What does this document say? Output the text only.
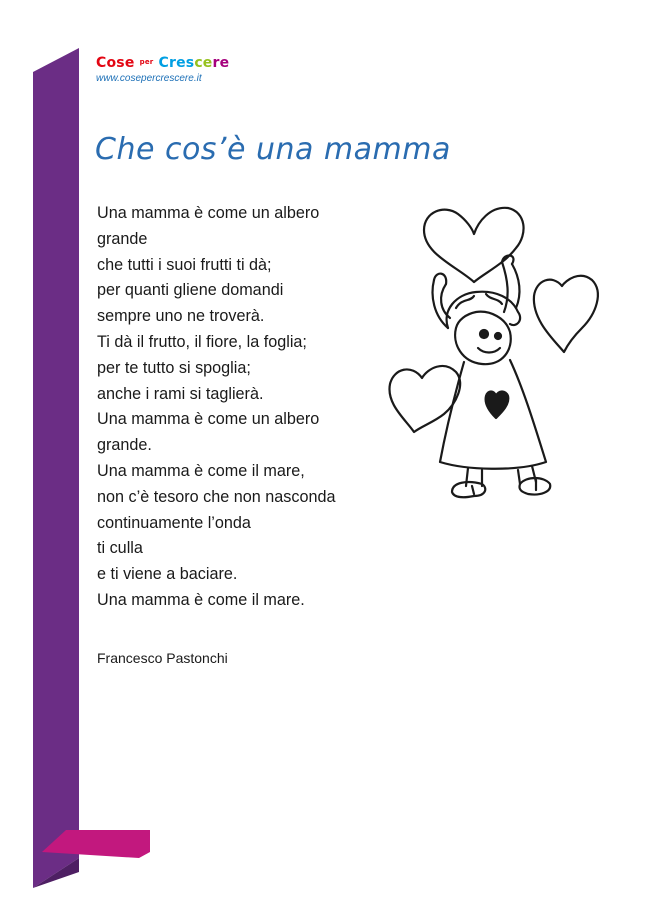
Cose $^{per}$ Crescere
www.cosepercrescere.it
Che cos’è una mamma
Una mamma è come un albero
grande
che tutti i suoi frutti ti dà;
per quanti gliene domandi
sempre uno ne troverà.
Ti dà il frutto, il fiore, la foglia;
per te tutto si spoglia;
anche i rami si taglierà.
Una mamma è come un albero
grande.
Una mamma è come il mare,
non c’è tesoro che non nasconda
continuamente l’onda
ti culla
e ti viene a baciare.
Una mamma è come il mare.
Francesco Pastonchi
